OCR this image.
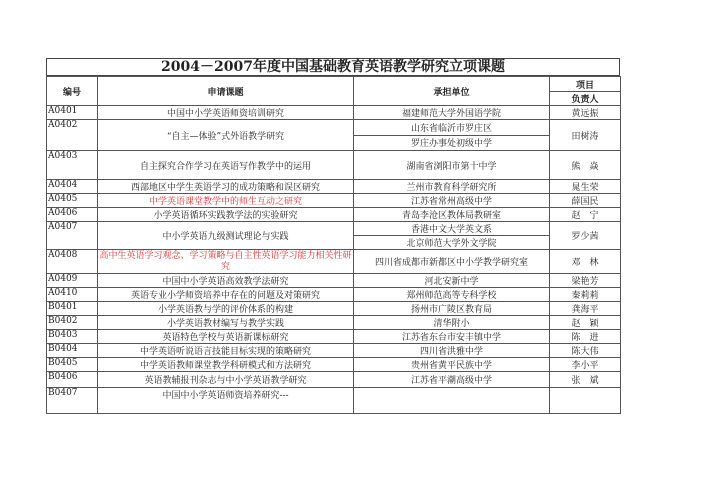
2004－2007年度中国基础教育英语教学研究立项课题
编号	申请课题	承担单位	项目
			负责人
A0401	中国中小学英语师资培训研究	福建师范大学外国语学院	黄远振
A0402	“自主—体验”式外语教学研究	山东省临沂市罗庄区	田树涛
		罗庄办事处初级中学	
A0403	自主探究合作学习在英语写作教学中的运用	湖南省浏阳市第十中学	熊　焱
A0404	西部地区中学生英语学习的成功策略和误区研究	兰州市教育科学研究所	晁生荣
A0405	中学英语课堂教学中的师生互动之研究	江苏省常州高级中学	薛国民
A0406	小学英语循环实践教学法的实验研究	青岛李沧区教体局教研室	赵　宁
A0407	中小学英语九级测试理论与实践	香港中文大学英文系	罗少茜
		北京师范大学外文学院	
A0408	高中生英语学习观念、学习策略与自主性英语学习能力相关性研究	四川省成都市新都区中小学教学研究室	邓　林
A0409	中国中小学英语高效教学法研究	河北安新中学	梁艳芳
A0410	英语专业小学师资培养中存在的问题及对策研究	郑州师范高等专科学校	秦莉莉
B0401	小学英语教与学的评价体系的构建	扬州市广陵区教育局	龚海平
B0402	小学英语教材编写与教学实践	清华附小	赵　颖
B0403	英语特色学校与英语新课标研究	江苏省东台市安丰镇中学	陈　进
B0404	中学英语听说语言技能目标实现的策略研究	四川省洪雅中学	陈大伟
B0405	中学英语教师课堂教学科研模式和方法研究	贵州省黄平民族中学	李小平
B0406	英语教辅报刊杂志与中小学英语教学研究	江苏省平潮高级中学	张　斌
B0407	中国中小学英语师资培养研究---		
